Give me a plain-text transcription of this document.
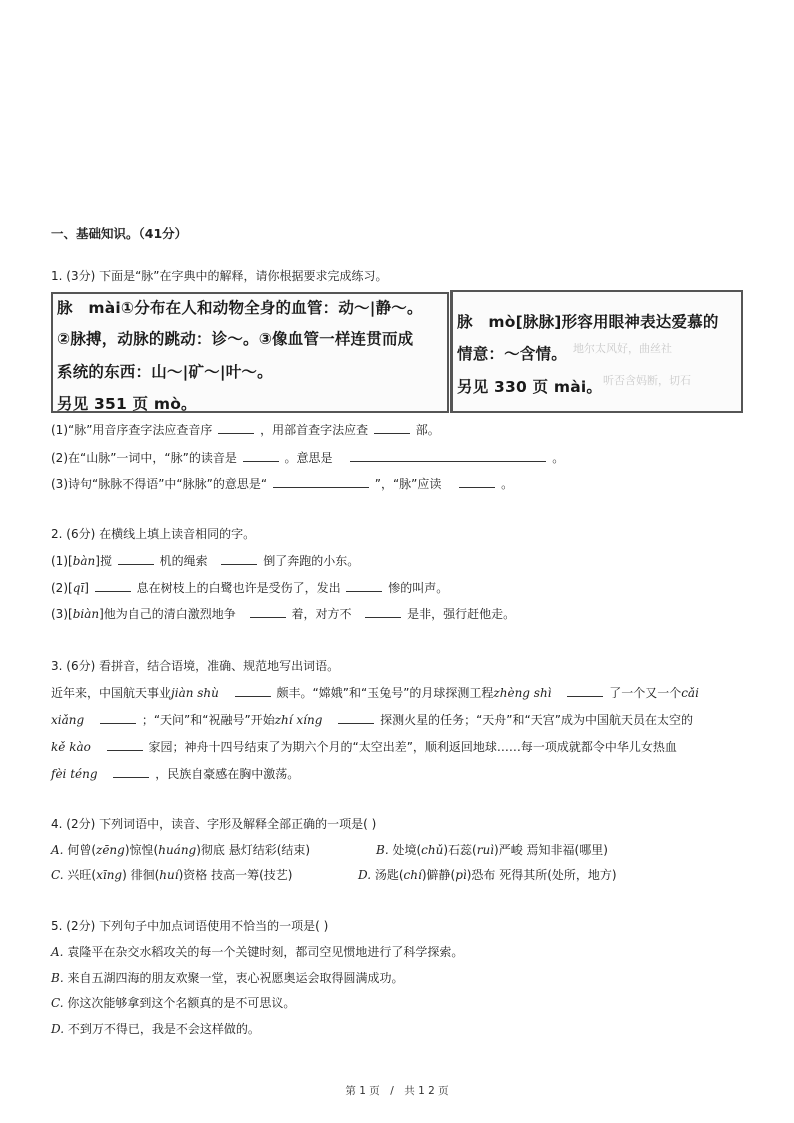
一、基础知识。（41分）
1. (3分) 下面是“脉”在字典中的解释，请你根据要求完成练习。
脉　mài①分布在人和动物全身的血管：动～|静～。
②脉搏，动脉的跳动：诊～。③像血管一样连贯而成
系统的东西：山～|矿～|叶～。
另见 351 页 mò。
地尔太风好，曲丝社
听否含妈断，切石
脉　mò[脉脉]形容用眼神表达爱慕的
情意：～含情。
另见 330 页 mài。
(1)“脉”用音序查字法应查音序	，用部首查字法应查	部。
(2)在“山脉”一词中，“脉”的读音是	。意思是	。
(3)诗句“脉脉不得语”中“脉脉”的意思是“	”，“脉”应读	。
2. (6分) 在横线上填上读音相同的字。
(1)[bàn]搅	机的绳索	倒了奔跑的小东。
(2)[qī]	息在树枝上的白鹭也许是受伤了，发出	惨的叫声。
(3)[biàn]他为自己的清白激烈地争	着，对方不	是非，强行赶他走。
3. (6分) 看拼音，结合语境，准确、规范地写出词语。
近年来，中国航天事业jiàn shù	颇丰。“嫦娥”和“玉兔号”的月球探测工程zhèng shì	了一个又一个cǎi
xiǎng	；“天问”和“祝融号”开始zhí xíng	探测火星的任务；“天舟”和“天宫”成为中国航天员在太空的
kě kào	家园；神舟十四号结束了为期六个月的“太空出差”，顺利返回地球……每一项成就都令中华儿女热血
fèi téng	，民族自豪感在胸中激荡。
4. (2分) 下列词语中，读音、字形及解释全部正确的一项是( )
A. 何曾(zēng)惊惶(huáng)彻底 悬灯结彩(结束)	B. 处境(chǔ)石蕊(ruì)严峻 焉知非福(哪里)
C. 兴旺(xīng) 徘徊(huí)资格 技高一筹(技艺)	D. 汤匙(chí)僻静(pì)恐布 死得其所(处所，地方)
5. (2分) 下列句子中加点词语使用不恰当的一项是( )
A. 袁隆平在杂交水稻攻关的每一个关键时刻，都司空见惯地进行了科学探索。
B. 来自五湖四海的朋友欢聚一堂，衷心祝愿奥运会取得圆满成功。
C. 你这次能够拿到这个名额真的是不可思议。
D. 不到万不得已，我是不会这样做的。
第 1 页　/　共 1 2 页
